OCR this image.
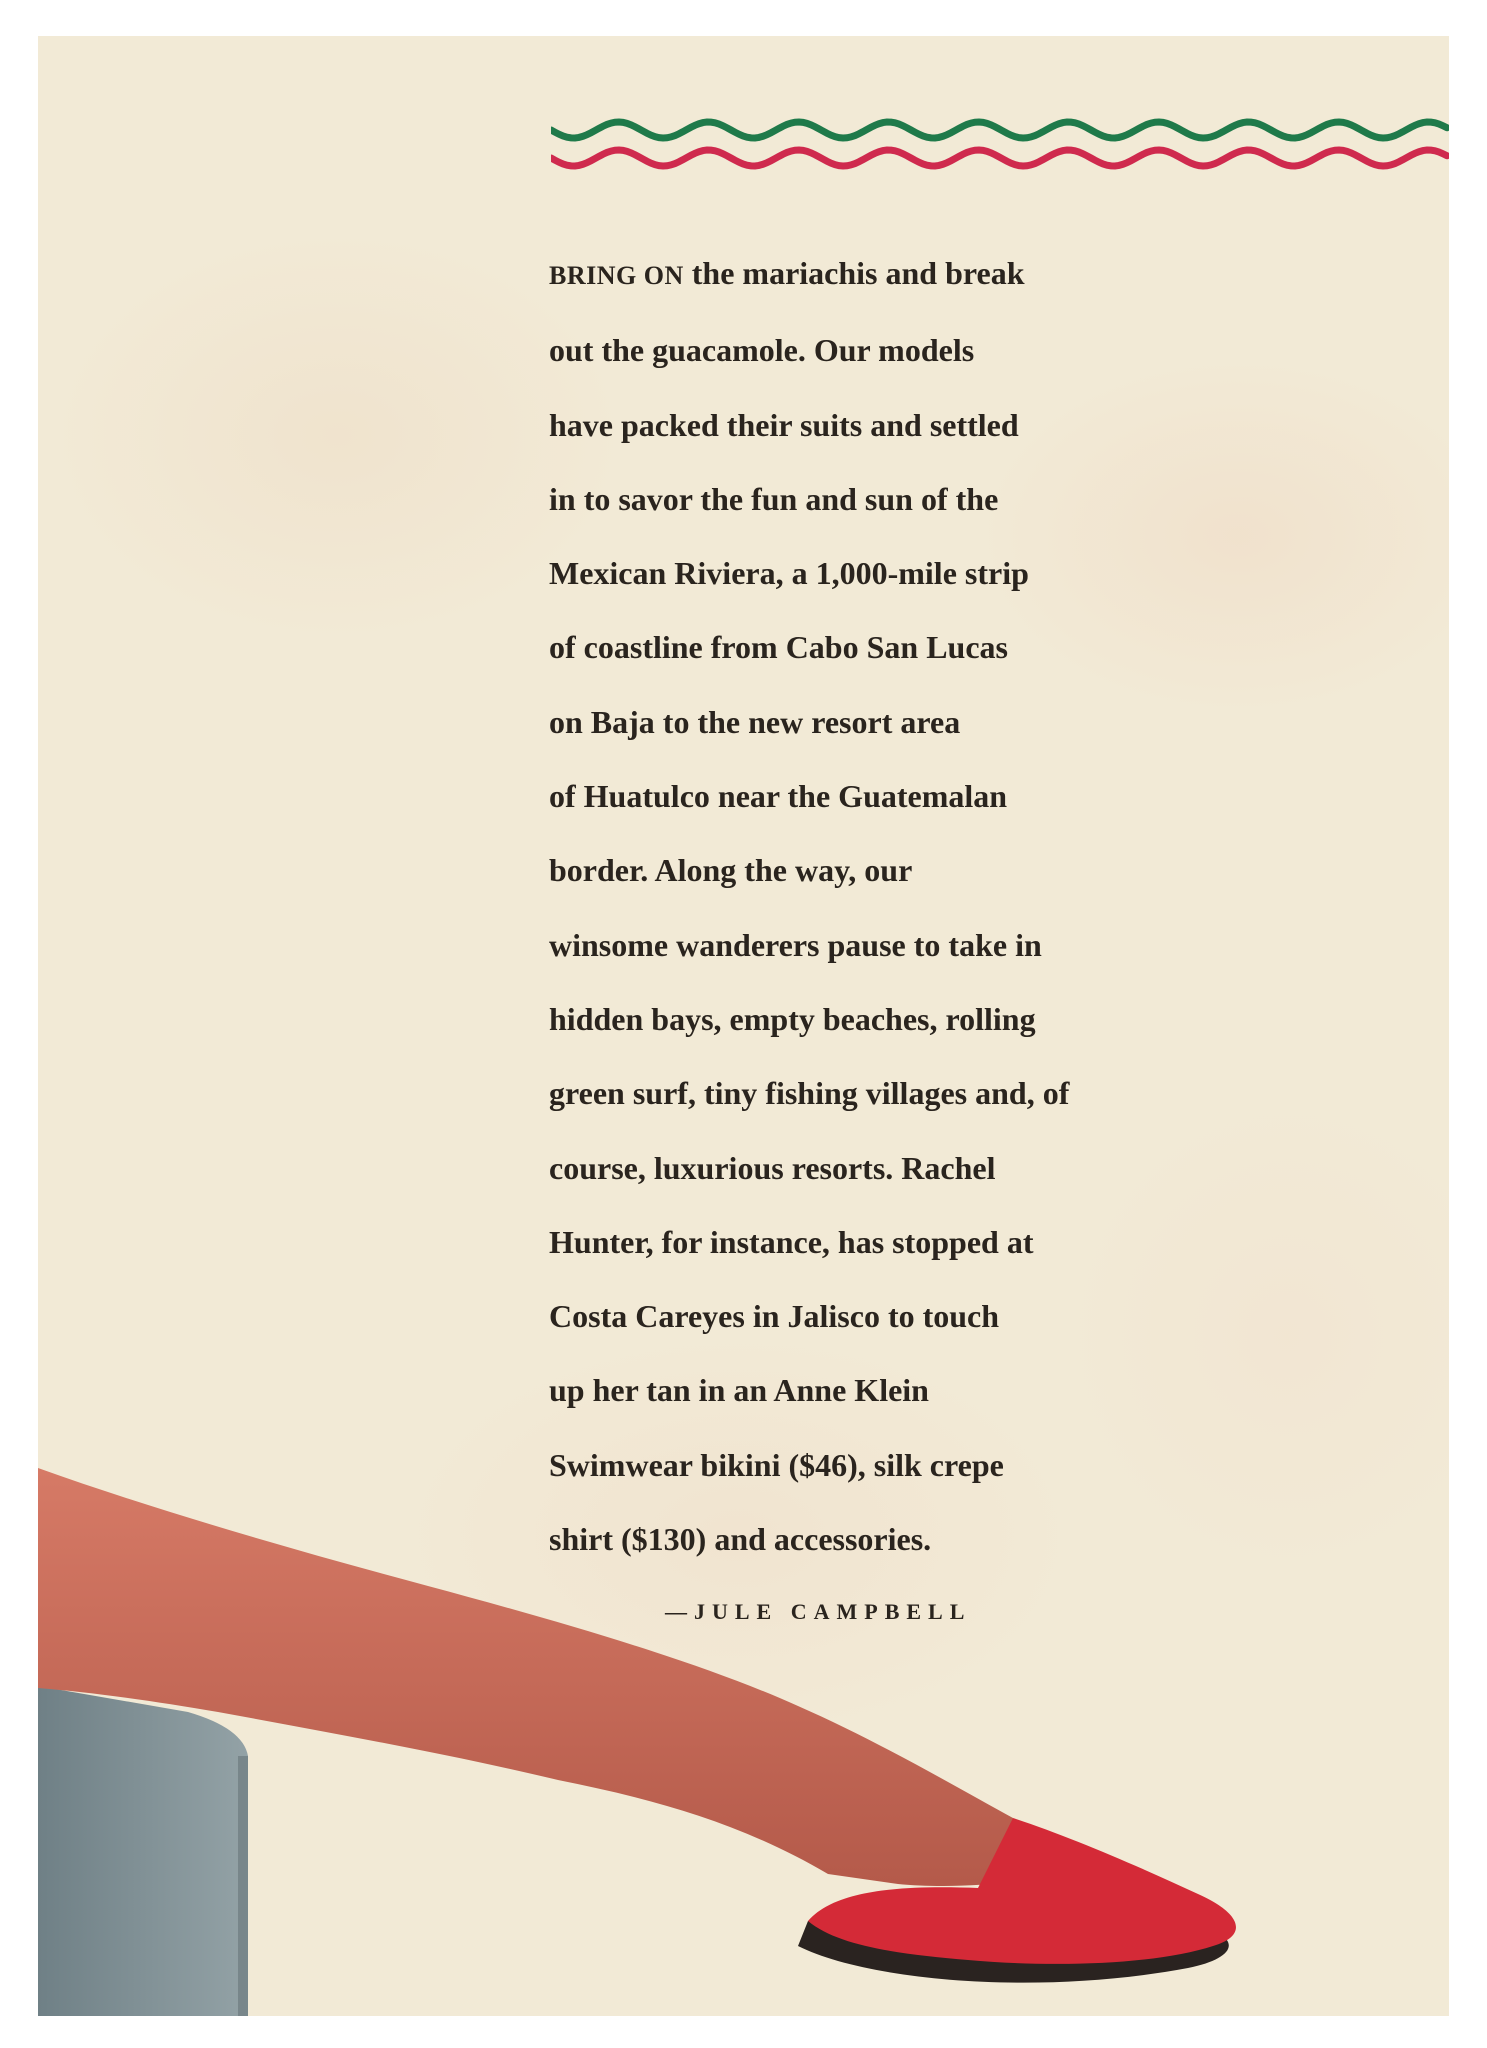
BRING ON the mariachis and break
out the guacamole. Our models
have packed their suits and settled
in to savor the fun and sun of the
Mexican Riviera, a 1,000-mile strip
of coastline from Cabo San Lucas
on Baja to the new resort area
of Huatulco near the Guatemalan
border. Along the way, our
winsome wanderers pause to take in
hidden bays, empty beaches, rolling
green surf, tiny fishing villages and, of
course, luxurious resorts. Rachel
Hunter, for instance, has stopped at
Costa Careyes in Jalisco to touch
up her tan in an Anne Klein
Swimwear bikini ($46), silk crepe
shirt ($130) and accessories.

—JULE CAMPBELL
